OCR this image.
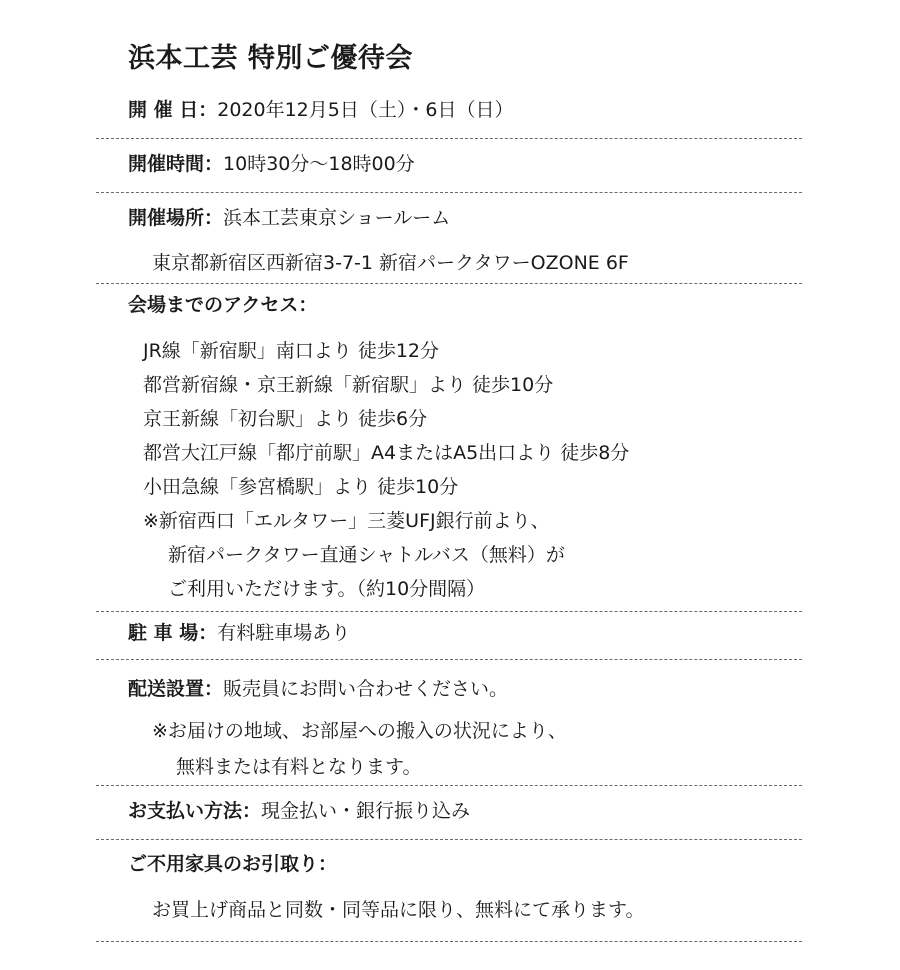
浜本工芸 特別ご優待会
開 催 日：2020年12月5日（土）・6日（日）
開催時間：10時30分～18時00分
開催場所：浜本工芸東京ショールーム
東京都新宿区西新宿3-7-1 新宿パークタワーOZONE 6F
会場までのアクセス：
JR線「新宿駅」南口より 徒歩12分
都営新宿線・京王新線「新宿駅」より 徒歩10分
京王新線「初台駅」より 徒歩6分
都営大江戸線「都庁前駅」A4またはA5出口より 徒歩8分
小田急線「参宮橋駅」より 徒歩10分
※新宿西口「エルタワー」三菱UFJ銀行前より、
新宿パークタワー直通シャトルバス（無料）が
ご利用いただけます。（約10分間隔）
駐 車 場：有料駐車場あり
配送設置：販売員にお問い合わせください。
※お届けの地域、お部屋への搬入の状況により、
無料または有料となります。
お支払い方法：現金払い・銀行振り込み
ご不用家具のお引取り：
お買上げ商品と同数・同等品に限り、無料にて承ります。
